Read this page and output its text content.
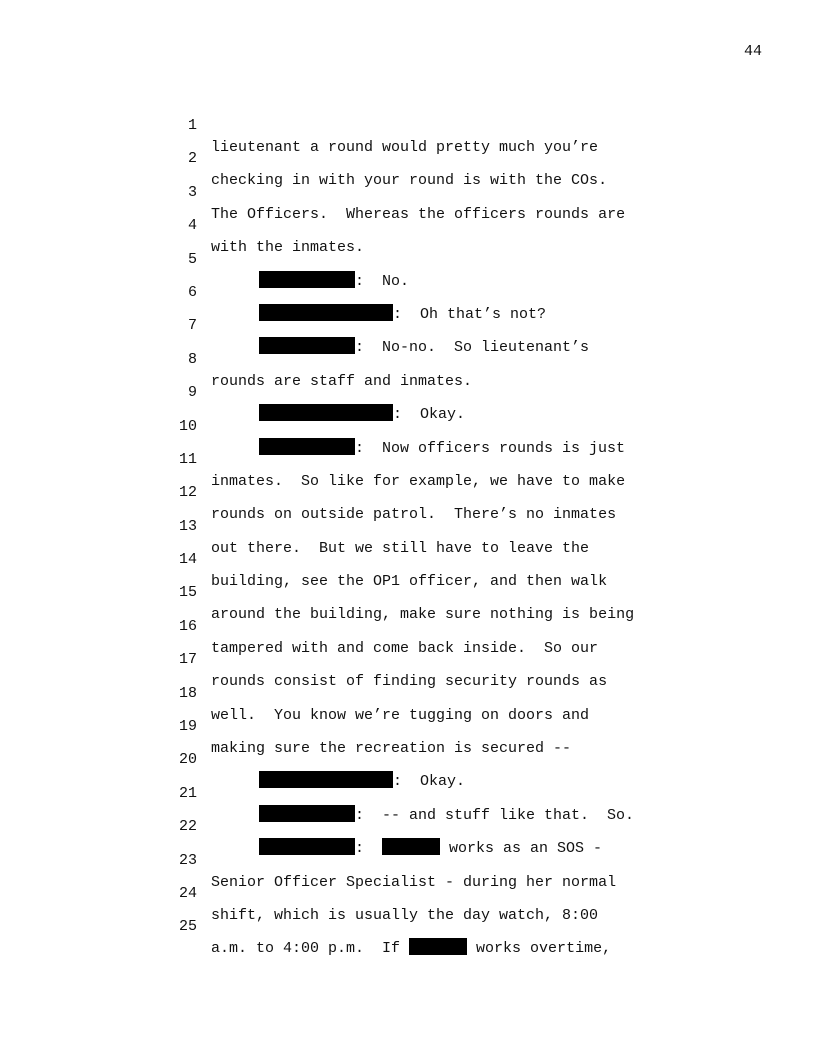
44

1

lieutenant a round would pretty much you’re

2

checking in with your round is with the COs.

3

The Officers.  Whereas the officers rounds are

4

with the inmates.

5

:  No.

6

:  Oh that’s not?

7

:  No-no.  So lieutenant’s

8

rounds are staff and inmates.

9

:  Okay.

10

:  Now officers rounds is just

11

inmates.  So like for example, we have to make

12

rounds on outside patrol.  There’s no inmates

13

out there.  But we still have to leave the

14

building, see the OP1 officer, and then walk

15

around the building, make sure nothing is being

16

tampered with and come back inside.  So our

17

rounds consist of finding security rounds as

18

well.  You know we’re tugging on doors and

19

making sure the recreation is secured --

20

:  Okay.

21

:  -- and stuff like that.  So.

22

:	works as an SOS -

23

Senior Officer Specialist - during her normal

24

shift, which is usually the day watch, 8:00

25

a.m. to 4:00 p.m.  If	works overtime,
